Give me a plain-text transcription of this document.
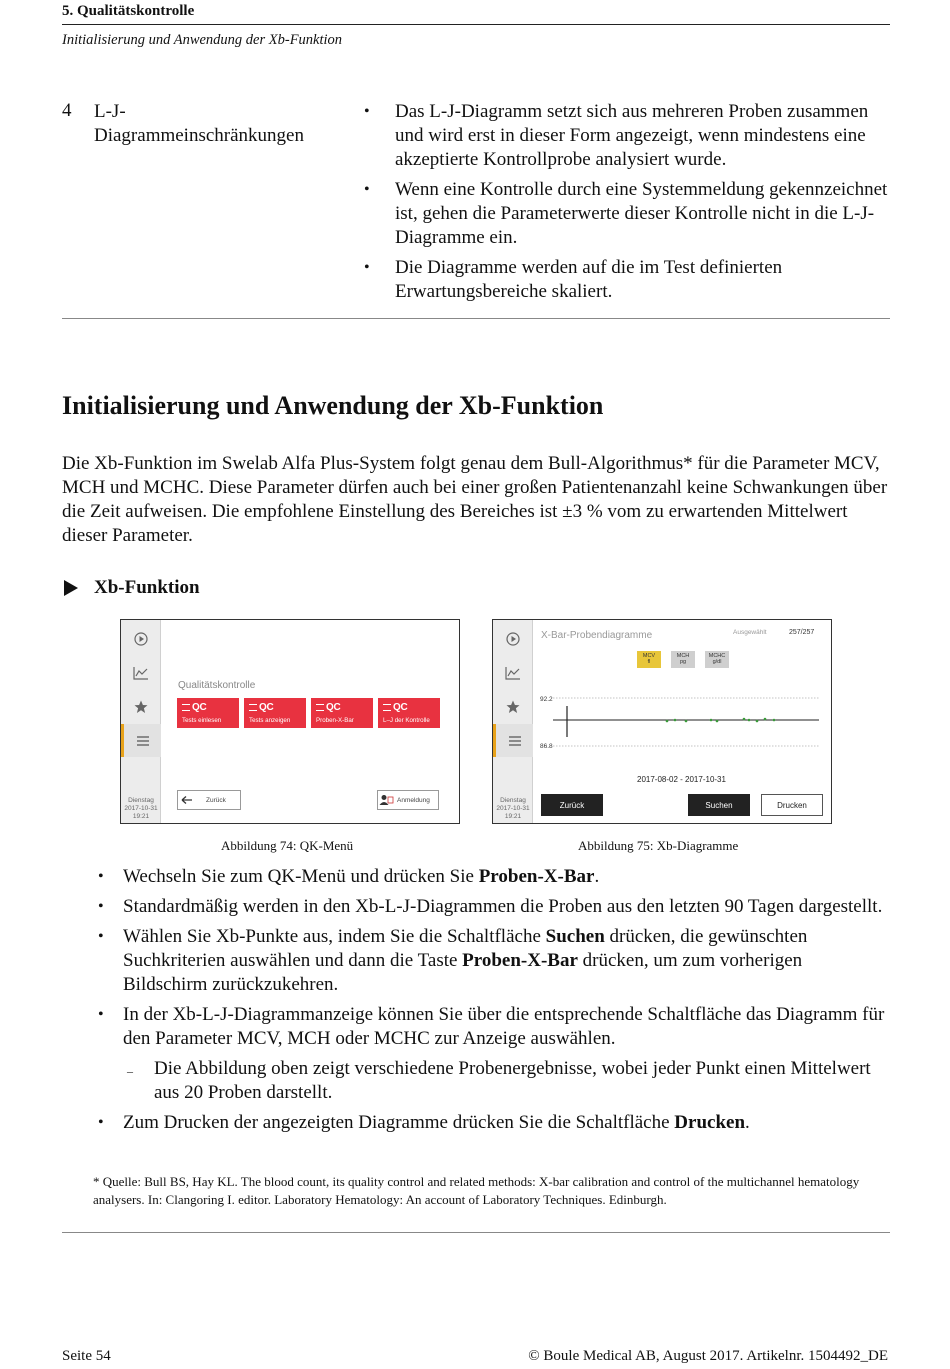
5. Qualitätskontrolle
Initialisierung und Anwendung der Xb-Funktion
4 L-J-Diagrammeinschränkungen
• Das L-J-Diagramm setzt sich aus mehreren Proben zusammen und wird erst in dieser Form angezeigt, wenn mindestens eine akzeptierte Kontrollprobe analysiert wurde.
• Wenn eine Kontrolle durch eine Systemmeldung gekennzeichnet ist, gehen die Parameterwerte dieser Kontrolle nicht in die L-J-Diagramme ein.
• Die Diagramme werden auf die im Test definierten Erwartungsbereiche skaliert.
Initialisierung und Anwendung der Xb-Funktion

Die Xb-Funktion im Swelab Alfa Plus-System folgt genau dem Bull-Algorithmus* für die Parameter MCV, MCH und MCHC. Diese Parameter dürfen auch bei einer großen Patientenanzahl keine Schwankungen über die Zeit aufweisen. Die empfohlene Einstellung des Bereiches ist ±3 % vom zu erwartenden Mittelwert dieser Parameter.

Xb-Funktion
Dienstag
2017-10-31
19:21
Qualitätskontrolle
QC
Tests einlesen
QC
Tests anzeigen
QC
Proben-X-Bar
QC
L–J der Kontrolle
Zurück	Anmeldung	Dienstag
2017-10-31
19:21
X-Bar-Probendiagramme	Ausgewählt	257/257
MCV
fl
MCH
pg
MCHC
g/dl
92.2
86.8
2017-08-02 - 2017-10-31
Zurück	Suchen	Drucken
Abbildung 74: QK-Menü	Abbildung 75: Xb-Diagramme
• Wechseln Sie zum QK-Menü und drücken Sie Proben-X-Bar.
• Standardmäßig werden in den Xb-L-J-Diagrammen die Proben aus den letzten 90 Tagen dargestellt.
• Wählen Sie Xb-Punkte aus, indem Sie die Schaltfläche Suchen drücken, die gewünschten Suchkriterien auswählen und dann die Taste Proben-X-Bar drücken, um zum vorherigen Bildschirm zurückzukehren.
• In der Xb-L-J-Diagrammanzeige können Sie über die entsprechende Schaltfläche das Diagramm für den Parameter MCV, MCH oder MCHC zur Anzeige auswählen.
– Die Abbildung oben zeigt verschiedene Probenergebnisse, wobei jeder Punkt einen Mittelwert aus 20 Proben darstellt.
• Zum Drucken der angezeigten Diagramme drücken Sie die Schaltfläche Drucken.
* Quelle: Bull BS, Hay KL. The blood count, its quality control and related methods: X-bar calibration and control of the multichannel hematology analysers. In: Clangoring I. editor. Laboratory Hematology: An account of Laboratory Techniques. Edinburgh.
Seite 54	© Boule Medical AB, August 2017. Artikelnr. 1504492_DE
